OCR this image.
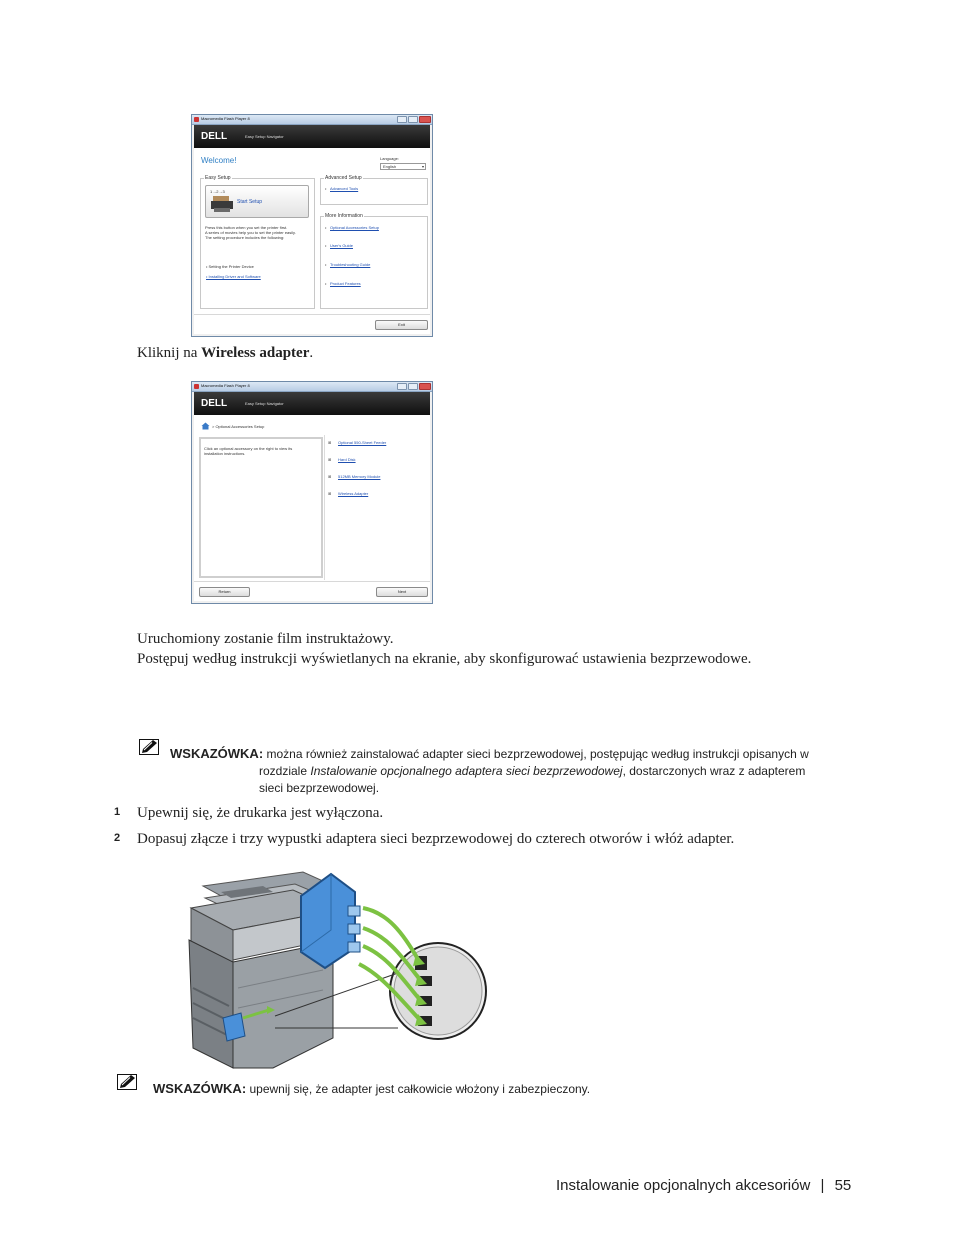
Macromedia Flash Player 8
DELL	Easy Setup Navigator
Welcome!	Language:
English	▾
Easy Setup
1→2→3
Start Setup
Press this button when you set the printer first.
A series of movies help you to set the printer easily.
The setting procedure includes the following:
• Setting the Printer Device
• Installing Driver and Software
Advanced Setup
• Advanced Tools
More Information
• Optional Accessories Setup
• User's Guide
• Troubleshooting Guide
• Product Features
Exit
Kliknij na Wireless adapter.
Macromedia Flash Player 8
DELL	Easy Setup Navigator
> Optional Accessories Setup
Click an optional accessory on the right to view its
installation instructions.
⊞ Optional 550-Sheet Feeder
⊞ Hard Disk
⊞ 512MB Memory Module
⊞ Wireless Adapter
Return	Next
Uruchomiony zostanie film instruktażowy.
Postępuj według instrukcji wyświetlanych na ekranie, aby skonfigurować ustawienia bezprzewodowe.
WSKAZÓWKA: można również zainstalować adapter sieci bezprzewodowej, postępując według instrukcji opisanych w
rozdziale Instalowanie opcjonalnego adaptera sieci bezprzewodowej, dostarczonych wraz z adapterem
sieci bezprzewodowej.
1 Upewnij się, że drukarka jest wyłączona.
2 Dopasuj złącze i trzy wypustki adaptera sieci bezprzewodowej do czterech otworów i włóż adapter.
WSKAZÓWKA: upewnij się, że adapter jest całkowicie włożony i zabezpieczony.
Instalowanie opcjonalnych akcesoriów | 55
